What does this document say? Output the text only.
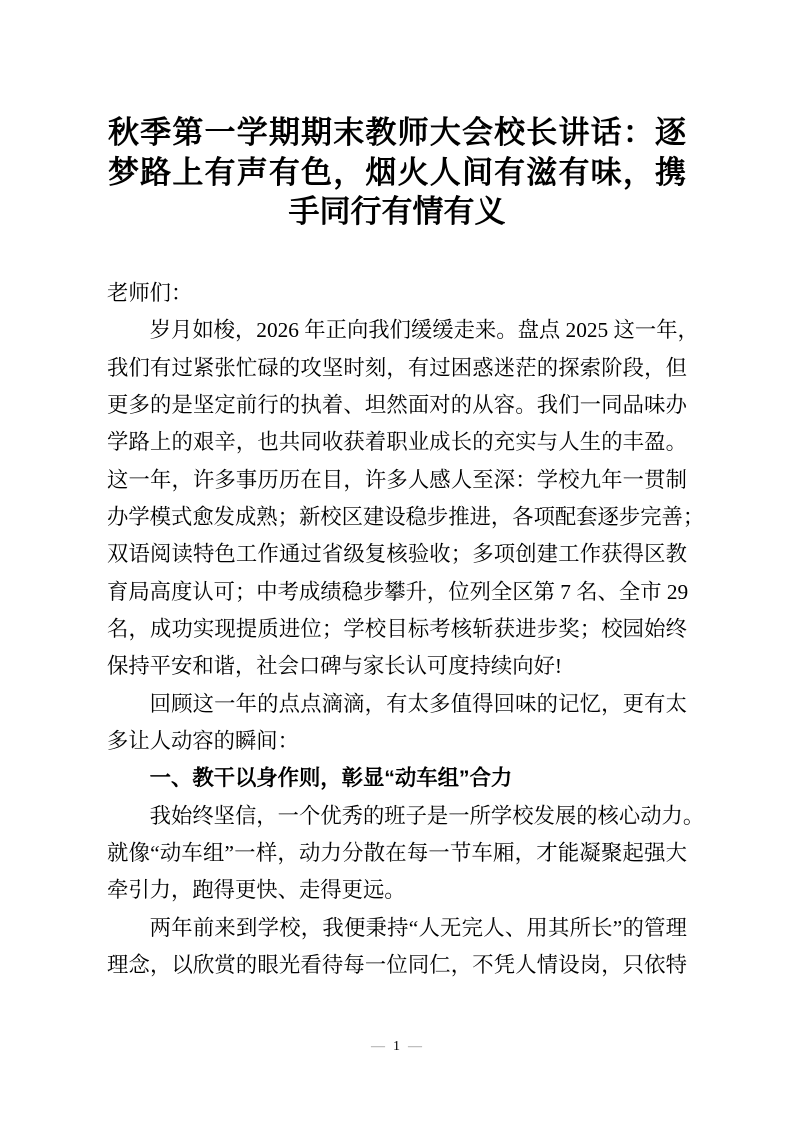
秋季第一学期期末教师大会校长讲话：逐
梦路上有声有色，烟火人间有滋有味，携
手同行有情有义
老师们：
岁月如梭，2026 年正向我们缓缓走来。盘点 2025 这一年，
我们有过紧张忙碌的攻坚时刻，有过困惑迷茫的探索阶段，但
更多的是坚定前行的执着、坦然面对的从容。我们一同品味办
学路上的艰辛，也共同收获着职业成长的充实与人生的丰盈。
这一年，许多事历历在目，许多人感人至深：学校九年一贯制
办学模式愈发成熟；新校区建设稳步推进，各项配套逐步完善；
双语阅读特色工作通过省级复核验收；多项创建工作获得区教
育局高度认可；中考成绩稳步攀升，位列全区第 7 名、全市 29
名，成功实现提质进位；学校目标考核斩获进步奖；校园始终
保持平安和谐，社会口碑与家长认可度持续向好!
回顾这一年的点点滴滴，有太多值得回味的记忆，更有太
多让人动容的瞬间：
一、教干以身作则，彰显“动车组”合力
我始终坚信，一个优秀的班子是一所学校发展的核心动力。
就像“动车组”一样，动力分散在每一节车厢，才能凝聚起强大
牵引力，跑得更快、走得更远。
两年前来到学校，我便秉持“人无完人、用其所长”的管理
理念，以欣赏的眼光看待每一位同仁，不凭人情设岗，只依特
— 1 —
